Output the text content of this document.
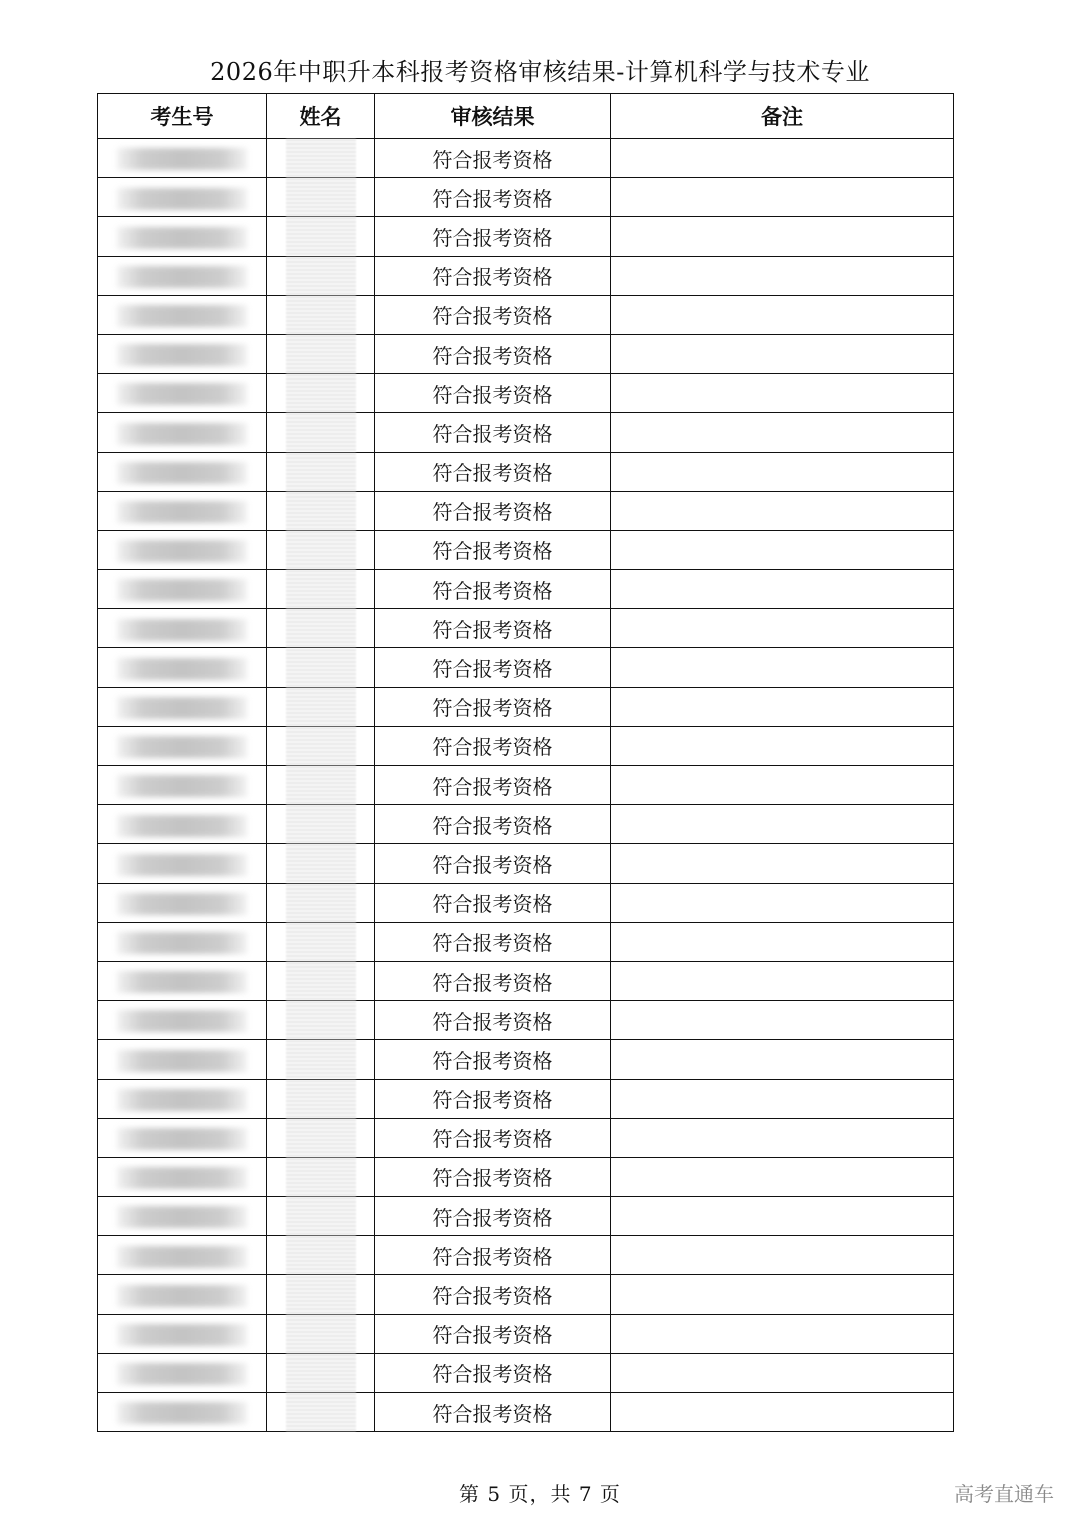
2026年中职升本科报考资格审核结果-计算机科学与技术专业
考生号	姓名	审核结果	备注
		符合报考资格	
		符合报考资格	
		符合报考资格	
		符合报考资格	
		符合报考资格	
		符合报考资格	
		符合报考资格	
		符合报考资格	
		符合报考资格	
		符合报考资格	
		符合报考资格	
		符合报考资格	
		符合报考资格	
		符合报考资格	
		符合报考资格	
		符合报考资格	
		符合报考资格	
		符合报考资格	
		符合报考资格	
		符合报考资格	
		符合报考资格	
		符合报考资格	
		符合报考资格	
		符合报考资格	
		符合报考资格	
		符合报考资格	
		符合报考资格	
		符合报考资格	
		符合报考资格	
		符合报考资格	
		符合报考资格	
		符合报考资格	
		符合报考资格	
第 5 页，共 7 页	高考直通车
